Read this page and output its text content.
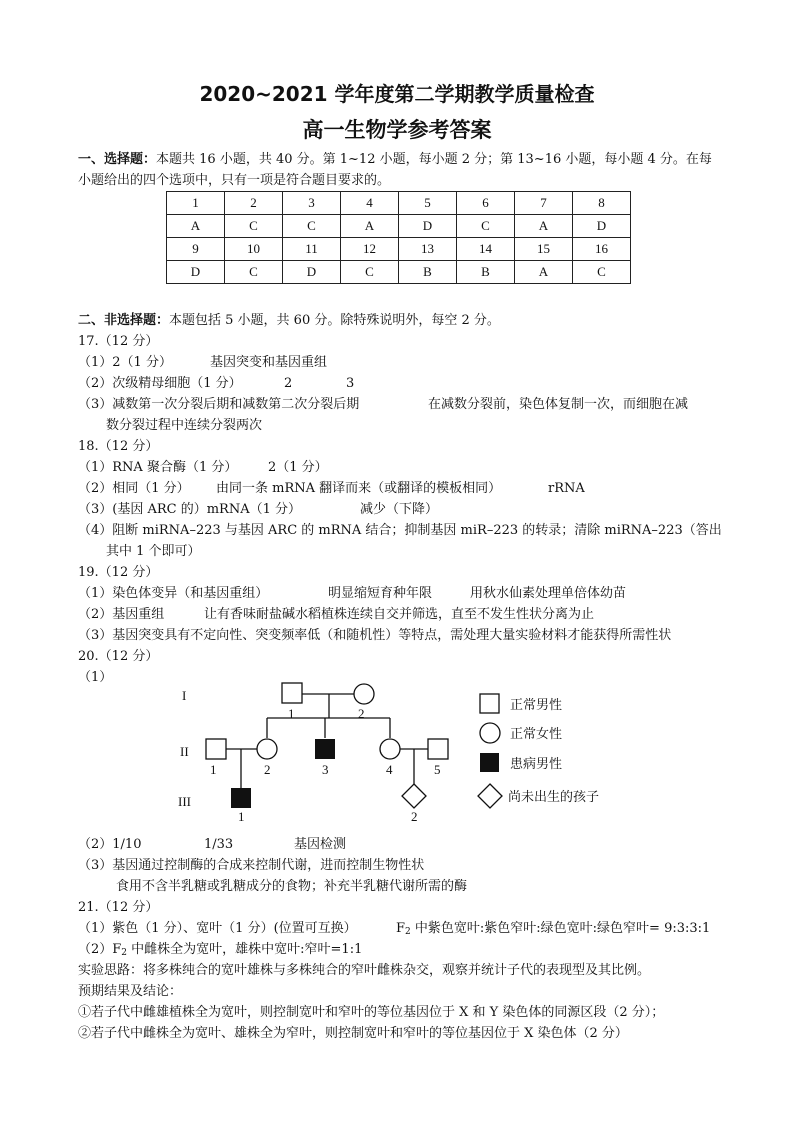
2020~2021 学年度第二学期教学质量检查
高一生物学参考答案
一、选择题：本题共 16 小题，共 40 分。第 1~12 小题，每小题 2 分；第 13~16 小题，每小题 4 分。在每
小题给出的四个选项中，只有一项是符合题目要求的。
1	2	3	4	5	6	7	8
A	C	C	A	D	C	A	D
9	10	11	12	13	14	15	16
D	C	D	C	B	B	A	C
二、非选择题：本题包括 5 小题，共 60 分。除特殊说明外，每空 2 分。
17.（12 分）
（1）2（1 分）	基因突变和基因重组
（2）次级精母细胞（1 分）	2	3
（3）减数第一次分裂后期和减数第二次分裂后期	在减数分裂前，染色体复制一次，而细胞在减
数分裂过程中连续分裂两次
18.（12 分）
（1）RNA 聚合酶（1 分） 2（1 分）
（2）相同（1 分） 由同一条 mRNA 翻译而来（或翻译的模板相同）	rRNA
（3）(基因 ARC 的）mRNA（1 分）	减少（下降）
（4）阻断 miRNA–223 与基因 ARC 的 mRNA 结合；抑制基因 miR–223 的转录；清除 miRNA–223（答出
其中 1 个即可）
19.（12 分）
（1）染色体变异（和基因重组）	明显缩短育种年限	用秋水仙素处理单倍体幼苗
（2）基因重组	让有香味耐盐碱水稻植株连续自交并筛选，直至不发生性状分离为止
（3）基因突变具有不定向性、突变频率低（和随机性）等特点，需处理大量实验材料才能获得所需性状
20.（12 分）
（1）
I
II
III
1	2
1	2	3	4	5
1	2
正常男性
正常女性
患病男性
尚未出生的孩子
（2）1/10	1/33	基因检测
（3）基因通过控制酶的合成来控制代谢，进而控制生物性状
食用不含半乳糖或乳糖成分的食物；补充半乳糖代谢所需的酶
21.（12 分）
（1）紫色（1 分）、宽叶（1 分）(位置可互换）	$F_2$ 中紫色宽叶:紫色窄叶:绿色宽叶:绿色窄叶= 9:3:3:1
$(2)F_2$ 中雌株全为宽叶，雄株中宽叶:窄叶=1:1
实验思路：将多株纯合的宽叶雄株与多株纯合的窄叶雌株杂交，观察并统计子代的表现型及其比例。
预期结果及结论：
①若子代中雌雄植株全为宽叶，则控制宽叶和窄叶的等位基因位于 X 和 Y 染色体的同源区段（2 分）；
②若子代中雌株全为宽叶、雄株全为窄叶，则控制宽叶和窄叶的等位基因位于 X 染色体（2 分）
